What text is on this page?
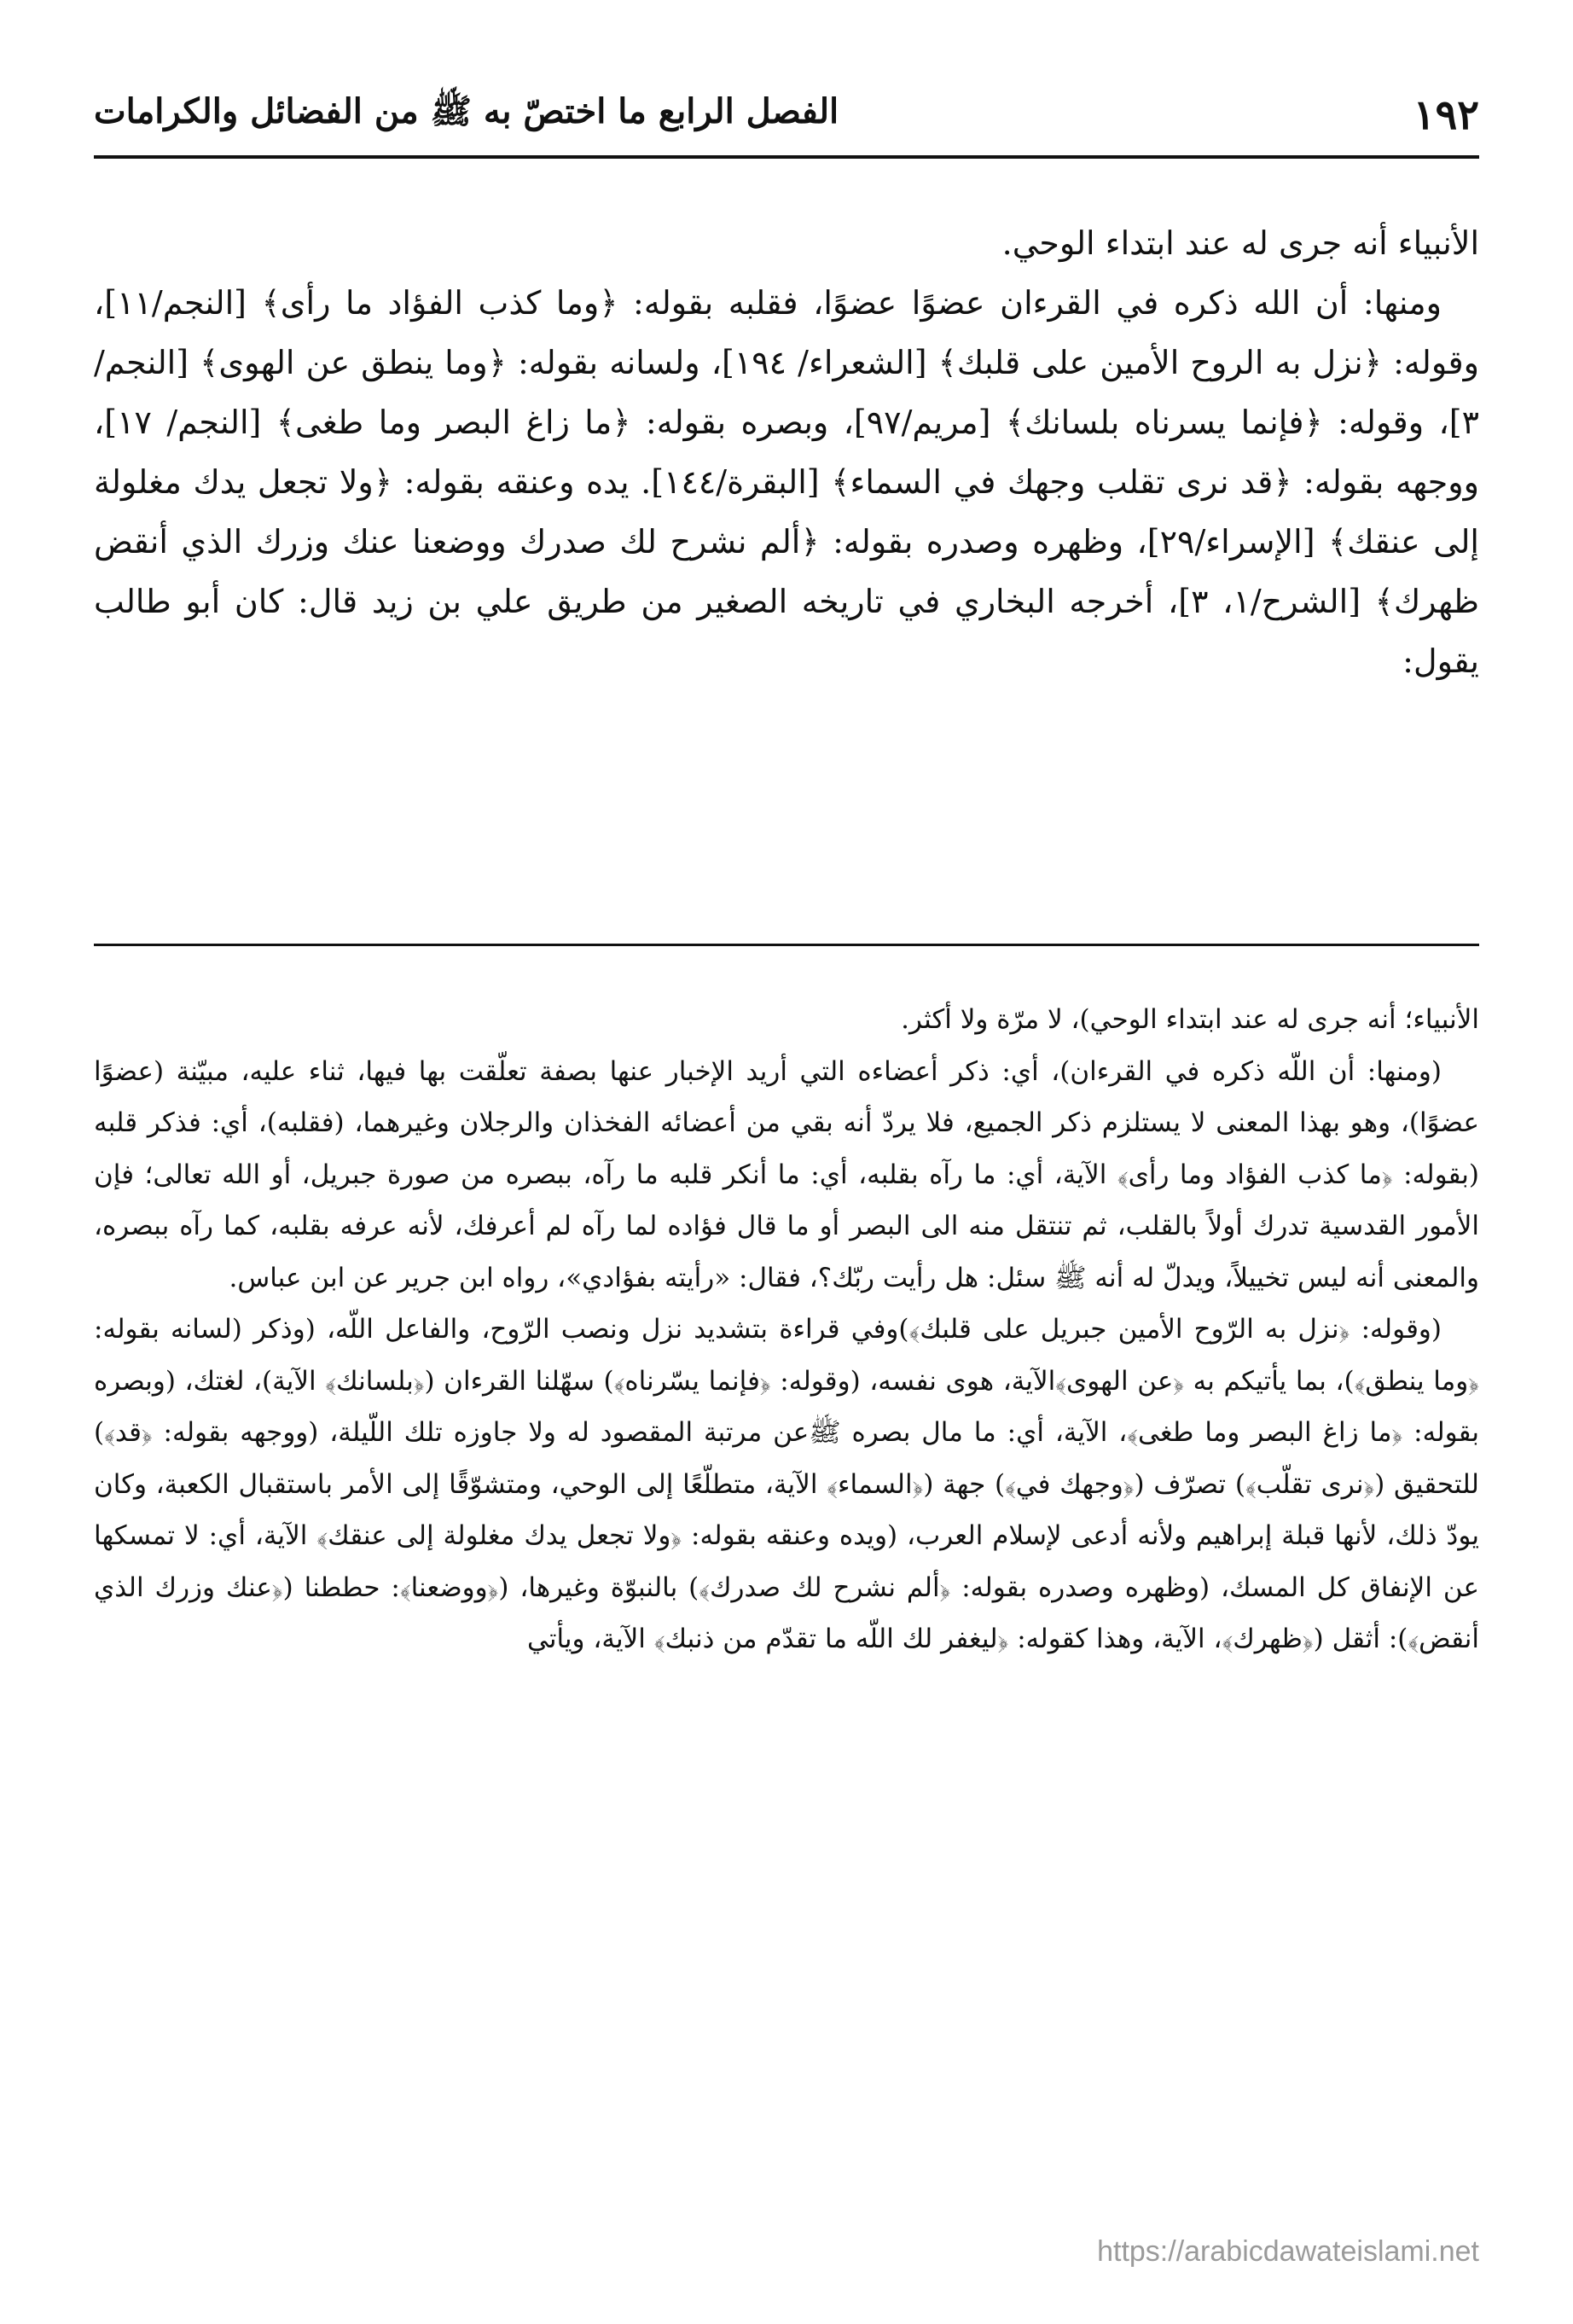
١٩٢
الفصل الرابع ما اختصّ به ﷺ من الفضائل والكرامات

الأنبياء أنه جرى له عند ابتداء الوحي.

ومنها: أن الله ذكره في القرءان عضوًا عضوًا، فقلبه بقوله: ﴿وما كذب الفؤاد ما رأى﴾ [النجم/١١]، وقوله: ﴿نزل به الروح الأمين على قلبك﴾ [الشعراء/ ١٩٤]، ولسانه بقوله: ﴿وما ينطق عن الهوى﴾ [النجم/٣]، وقوله: ﴿فإنما يسرناه بلسانك﴾ [مريم/٩٧]، وبصره بقوله: ﴿ما زاغ البصر وما طغى﴾ [النجم/ ١٧]، ووجهه بقوله: ﴿قد نرى تقلب وجهك في السماء﴾ [البقرة/١٤٤]. يده وعنقه بقوله: ﴿ولا تجعل يدك مغلولة إلى عنقك﴾ [الإسراء/٢٩]، وظهره وصدره بقوله: ﴿ألم نشرح لك صدرك ووضعنا عنك وزرك الذي أنقض ظهرك﴾ [الشرح/١، ٣]، أخرجه البخاري في تاريخه الصغير من طريق علي بن زيد قال: كان أبو طالب يقول:

الأنبياء؛ أنه جرى له عند ابتداء الوحي)، لا مرّة ولا أكثر.

(ومنها: أن اللّه ذكره في القرءان)، أي: ذكر أعضاءه التي أريد الإخبار عنها بصفة تعلّقت بها فيها، ثناء عليه، مبيّنة (عضوًا عضوًا)، وهو بهذا المعنى لا يستلزم ذكر الجميع، فلا يردّ أنه بقي من أعضائه الفخذان والرجلان وغيرهما، (فقلبه)، أي: فذكر قلبه (بقوله: ﴿ما كذب الفؤاد وما رأى﴾ الآية، أي: ما رآه بقلبه، أي: ما أنكر قلبه ما رآه، ببصره من صورة جبريل، أو الله تعالى؛ فإن الأمور القدسية تدرك أولاً بالقلب، ثم تنتقل منه الى البصر أو ما قال فؤاده لما رآه لم أعرفك، لأنه عرفه بقلبه، كما رآه ببصره، والمعنى أنه ليس تخييلاً، ويدلّ له أنه ﷺ سئل: هل رأيت ربّك؟، فقال: «رأيته بفؤادي»، رواه ابن جرير عن ابن عباس.

(وقوله: ﴿نزل به الرّوح الأمين جبريل على قلبك﴾)وفي قراءة بتشديد نزل ونصب الرّوح، والفاعل اللّه، (وذكر (لسانه بقوله: ﴿وما ينطق﴾)، بما يأتيكم به ﴿عن الهوى﴾الآية، هوى نفسه، (وقوله: ﴿فإنما يسّرناه﴾) سهّلنا القرءان (﴿بلسانك﴾ الآية)، لغتك، (وبصره بقوله: ﴿ما زاغ البصر وما طغى﴾، الآية، أي: ما مال بصره ﷺعن مرتبة المقصود له ولا جاوزه تلك اللّيلة، (ووجهه بقوله: ﴿قد﴾) للتحقيق (﴿نرى تقلّب﴾) تصرّف (﴿وجهك في﴾) جهة (﴿السماء﴾ الآية، متطلّعًا إلى الوحي، ومتشوّقًا إلى الأمر باستقبال الكعبة، وكان يودّ ذلك، لأنها قبلة إبراهيم ولأنه أدعى لإسلام العرب، (ويده وعنقه بقوله: ﴿ولا تجعل يدك مغلولة إلى عنقك﴾ الآية، أي: لا تمسكها عن الإنفاق كل المسك، (وظهره وصدره بقوله: ﴿ألم نشرح لك صدرك﴾) بالنبوّة وغيرها، (﴿ووضعنا﴾: حططنا (﴿عنك وزرك الذي أنقض﴾): أثقل (﴿ظهرك﴾، الآية، وهذا كقوله: ﴿ليغفر لك اللّه ما تقدّم من ذنبك﴾ الآية، ويأتي

https://arabicdawateislami.net
